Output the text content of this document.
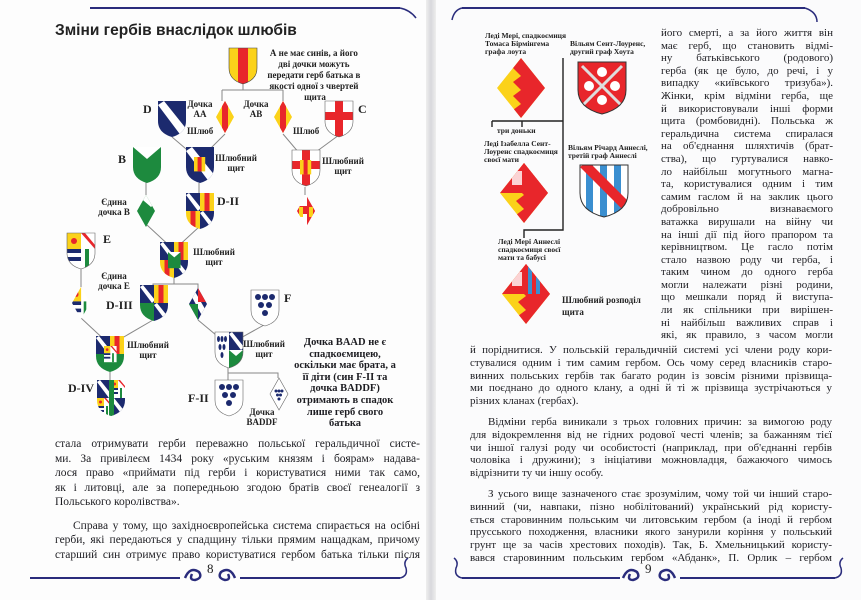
8	9
Зміни гербів внаслідок шлюбів
А не має синів, а його дві дочки можуть передати герб батька в якості одної з чвертей щита
D	C
B
E
F
Дочка АА
Дочка АВ
Шлюб	Шлюб
Шлюбний щит
Шлюбний щит
Єдина дочка В
D-II
Шлюбний щит
Єдина дочка Е
D-III
Шлюбний щит
Шлюбний щит
D-IV
F-II
Дочка BADDF
Дочка BAAD не є спадкоємицею, оскільки має брата, а її діти (син F-II та дочка BADDF) отримають в спадок лише герб свого батька
стала отримувати герби переважно польської геральдичної систе-
ми. За привілеєм 1434 року «руським князям і боярам» надава-
лося право «приймати під герби і користуватися ними так само,
як і литовці, але за попередньою згодою братів своєї генеалогії з
Польського королівства».
Справа у тому, що західноєвропейська система спирається на осібні
герби, які передаються у спадщину тільки прямим нащадкам, причому
старший син отримує право користуватися гербом батька тільки після
Леді Мері, спадкоємиця Томаса Бірмінгема графа лоута
Вільям Сент-Лоуренс, другий граф Хоута
три доньки
Леді Ізабелла Сент-Лоуренс спадкоємиця своєї мати
Вільям Річард Аннеслі, третій граф Аннеслі
Леді Мері Аннеслі спадкоємиця своєї мати та бабусі
Шлюбний розподіл щита
його смерті, а за його життя він
має герб, що становить відмі-
ну батьківського (родового)
герба (як це було, до речі, і у
випадку «київського тризуба»).
Жінки, крім відміни герба, ще
й використовували інші форми
щита (ромбовидні). Польська ж
геральдична система спиралася
на об'єднання шляхтичів (брат-
ства), що гуртувалися навко-
ло найбільш могутнього магна-
та, користувалися одним і тим
самим гаслом й на заклик цього
добровільно визнаваємого
ватажка вирушали на війну чи
на інші дії під його прапором та
керівництвом. Це гасло потім
стало назвою роду чи герба, і
таким чином до одного герба
могли належати різні родини,
що мешкали поряд й виступа-
ли як спільники при вирішен-
ні найбільш важливих справ і
які, як правило, з часом могли
й поріднитися. У польській геральдичній системі усі члени роду кори-
стувалися одним і тим самим гербом. Ось чому серед власників старо-
винних польських гербів так багато родин із зовсім різними прізвища-
ми поєднано до одного клану, а одні й ті ж прізвища зустрічаються у
різних кланах (гербах).
Відміни герба виникали з трьох головних причин: за вимогою роду
для відокремлення від не гідних родової честі членів; за бажанням тієї
чи іншої галузі роду чи особистості (наприклад, при об'єднанні гербів
чоловіка і дружини); з ініціативи можновладця, бажаючого чимось
відрізнити ту чи іншу особу.
З усього вище зазначеного стає зрозумілим, чому той чи інший старо-
винний (чи, навпаки, пізно нобілітований) український рід користу-
ється старовинним польським чи литовським гербом (а іноді й гербом
прусського походження, власники якого занурили коріння у польський
грунт ще за часів хрестових походів). Так, Б. Хмельницький користу-
вався старовинним польським гербом «Абданк», П. Орлик – гербом
